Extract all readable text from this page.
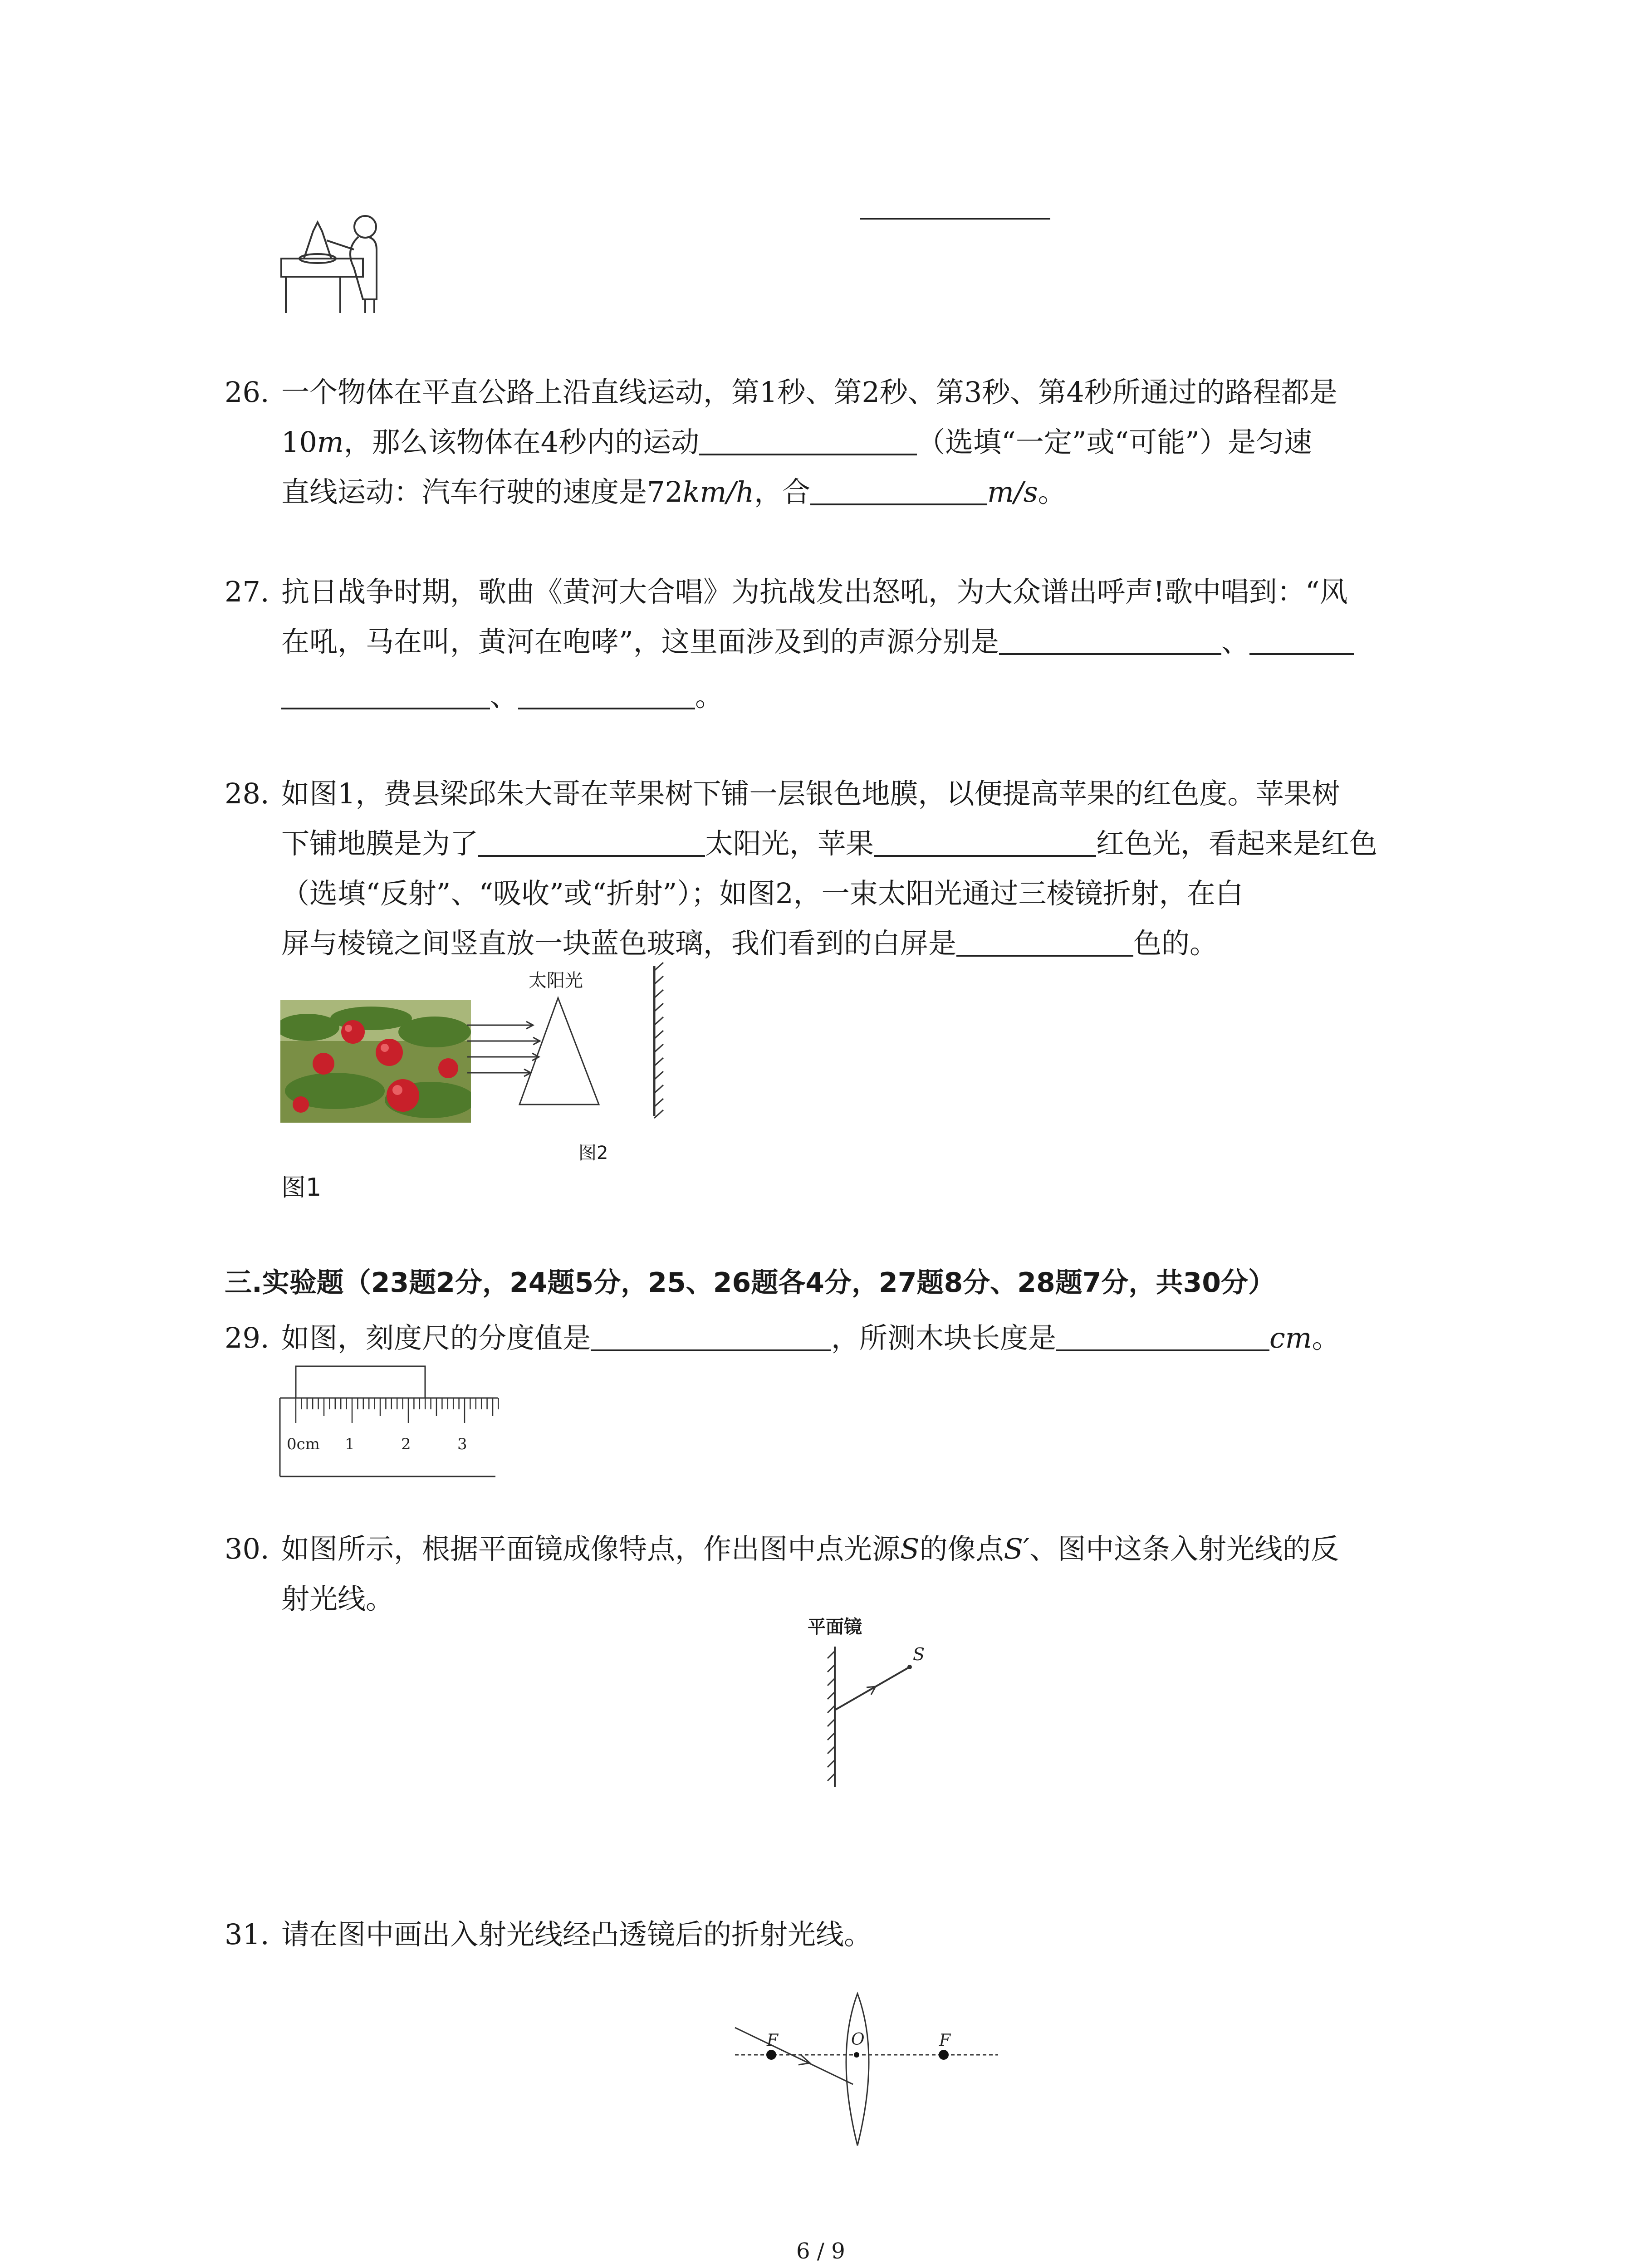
26. 一个物体在平直公路上沿直线运动，第1秒、第2秒、第3秒、第4秒所通过的路程都是
10m，那么该物体在4秒内的运动	（选填“一定”或“可能”）是匀速
直线运动：汽车行驶的速度是72km/h，合	m/s。
27. 抗日战争时期，歌曲《黄河大合唱》为抗战发出怒吼，为大众谱出呼声!歌中唱到：“风
在吼，马在叫，黄河在咆哮”，这里面涉及到的声源分别是	、
、	。
28. 如图1，费县梁邱朱大哥在苹果树下铺一层银色地膜，以便提高苹果的红色度。苹果树
下铺地膜是为了	太阳光，苹果	红色光，看起来是红色
（选填“反射”、“吸收”或“折射”）；如图2，一束太阳光通过三棱镜折射，在白
屏与棱镜之间竖直放一块蓝色玻璃，我们看到的白屏是	色的。
太阳光
图2
图1
三.实验题（23题2分，24题5分，25、26题各4分，27题8分、28题7分，共30分）
29. 如图，刻度尺的分度值是	，所测木块长度是	cm。
0cm 1	2	3
30. 如图所示，根据平面镜成像特点，作出图中点光源S的像点S′、图中这条入射光线的反
射光线。
平面镜
S
31. 请在图中画出入射光线经凸透镜后的折射光线。
F	O	F
6 / 9
